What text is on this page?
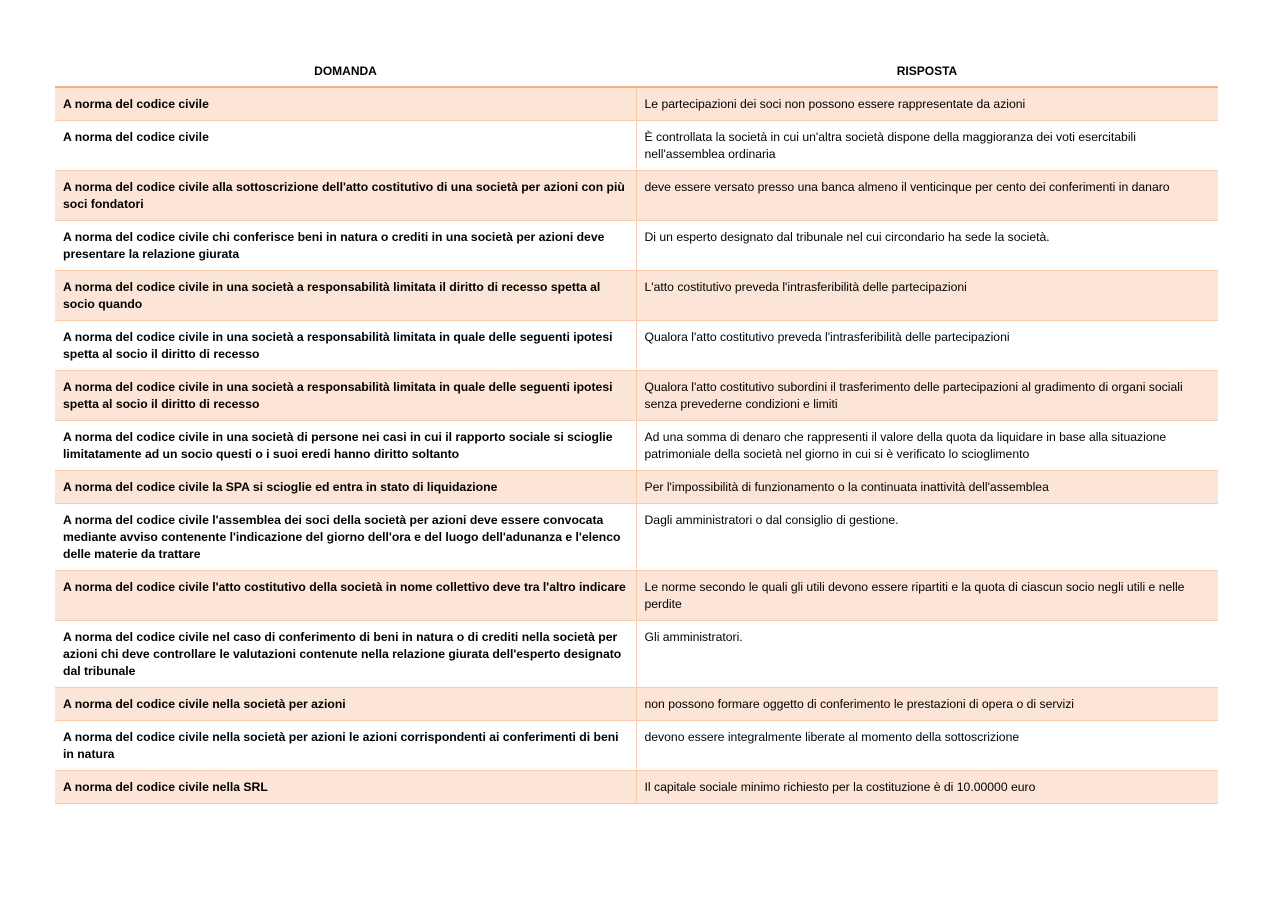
DOMANDA	RISPOSTA
A norma del codice civile	Le partecipazioni dei soci non possono essere rappresentate da azioni
A norma del codice civile	È controllata la società in cui un'altra società dispone della maggioranza dei voti esercitabili nell'assemblea ordinaria
A norma del codice civile alla sottoscrizione dell'atto costitutivo di una società per azioni con più soci fondatori	deve essere versato presso una banca almeno il venticinque per cento dei conferimenti in danaro
A norma del codice civile chi conferisce beni in natura o crediti in una società per azioni deve presentare la relazione giurata	Di un esperto designato dal tribunale nel cui circondario ha sede la società.
A norma del codice civile in una società a responsabilità limitata il diritto di recesso spetta al socio quando	L'atto costitutivo preveda l'intrasferibilità delle partecipazioni
A norma del codice civile in una società a responsabilità limitata in quale delle seguenti ipotesi spetta al socio il diritto di recesso	Qualora l'atto costitutivo preveda l'intrasferibilità delle partecipazioni
A norma del codice civile in una società a responsabilità limitata in quale delle seguenti ipotesi spetta al socio il diritto di recesso	Qualora l'atto costitutivo subordini il trasferimento delle partecipazioni al gradimento di organi sociali senza prevederne condizioni e limiti
A norma del codice civile in una società di persone nei casi in cui il rapporto sociale si scioglie limitatamente ad un socio questi o i suoi eredi hanno diritto soltanto	Ad una somma di denaro che rappresenti il valore della quota da liquidare in base alla situazione patrimoniale della società nel giorno in cui si è verificato lo scioglimento
A norma del codice civile la SPA si scioglie ed entra in stato di liquidazione	Per l'impossibilità di funzionamento o la continuata inattività dell'assemblea
A norma del codice civile l'assemblea dei soci della società per azioni deve essere convocata mediante avviso contenente l'indicazione del giorno dell'ora e del luogo dell'adunanza e l'elenco delle materie da trattare	Dagli amministratori o dal consiglio di gestione.
A norma del codice civile l'atto costitutivo della società in nome collettivo deve tra l'altro indicare	Le norme secondo le quali gli utili devono essere ripartiti e la quota di ciascun socio negli utili e nelle perdite
A norma del codice civile nel caso di conferimento di beni in natura o di crediti nella società per azioni chi deve controllare le valutazioni contenute nella relazione giurata dell'esperto designato dal tribunale	Gli amministratori.
A norma del codice civile nella società per azioni	non possono formare oggetto di conferimento le prestazioni di opera o di servizi
A norma del codice civile nella società per azioni le azioni corrispondenti ai conferimenti di beni in natura	devono essere integralmente liberate al momento della sottoscrizione
A norma del codice civile nella SRL	Il capitale sociale minimo richiesto per la costituzione è di 10.00000 euro
